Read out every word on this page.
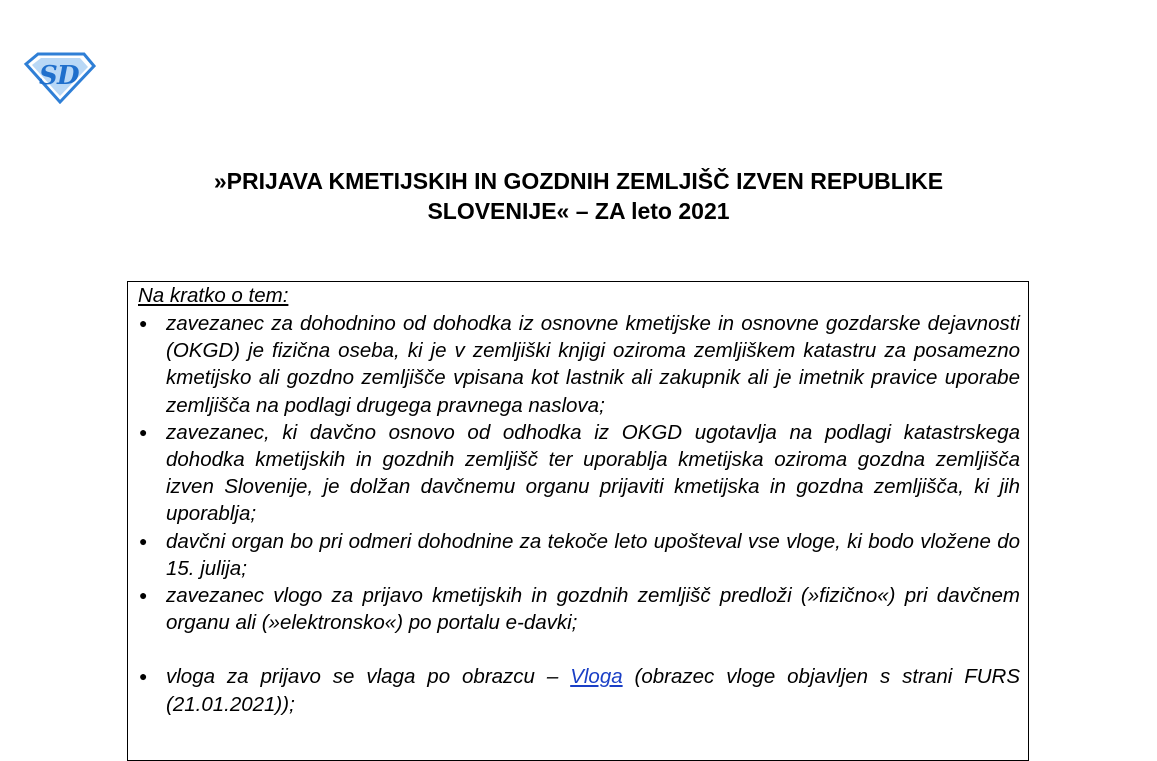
S D
»PRIJAVA KMETIJSKIH IN GOZDNIH ZEMLJIŠČ IZVEN REPUBLIKE
SLOVENIJE« – ZA leto 2021
Na kratko o tem:
● zavezanec za dohodnino od dohodka iz osnovne kmetijske in osnovne gozdarske dejavnosti (OKGD) je fizična oseba, ki je v zemljiški knjigi oziroma zemljiškem katastru za posamezno kmetijsko ali gozdno zemljišče vpisana kot lastnik ali zakupnik ali je imetnik pravice uporabe zemljišča na podlagi drugega pravnega naslova;
● zavezanec, ki davčno osnovo od odhodka iz OKGD ugotavlja na podlagi katastrskega dohodka kmetijskih in gozdnih zemljišč ter uporablja kmetijska oziroma gozdna zemljišča izven Slovenije, je dolžan davčnemu organu prijaviti kmetijska in gozdna zemljišča, ki jih uporablja;
● davčni organ bo pri odmeri dohodnine za tekoče leto upošteval vse vloge, ki bodo vložene do 15. julija;
● zavezanec vlogo za prijavo kmetijskih in gozdnih zemljišč predloži (»fizično«) pri davčnem organu ali (»elektronsko«) po portalu e-davki;
● vloga za prijavo se vlaga po obrazcu – Vloga (obrazec vloge objavljen s strani FURS (21.01.2021));
